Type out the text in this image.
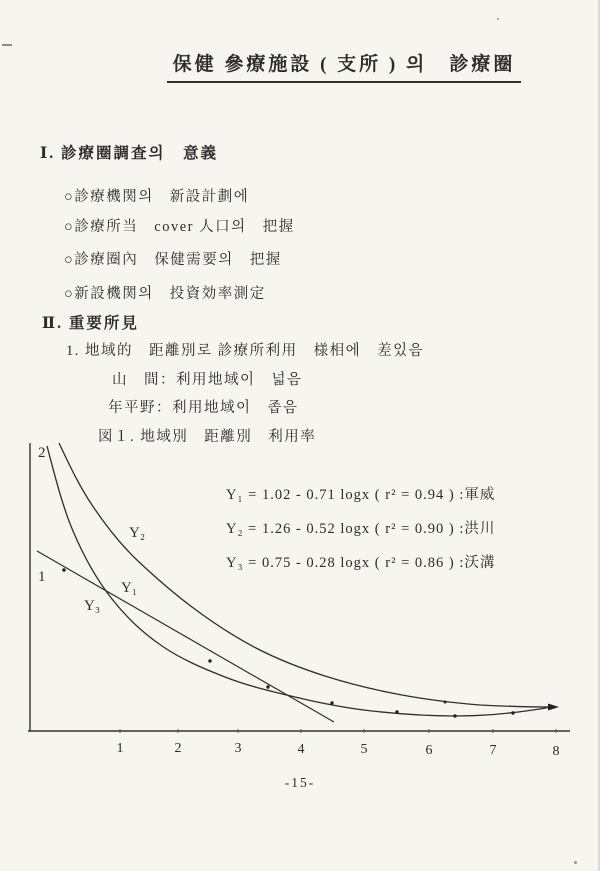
2
1
Y₂
Y₁
Y₃
1	2	3	4	5	6	7	8

保健 參療施設 ( 支所 ) 의　診療圈

Ⅰ. 診療圈調査의　意義
○診療機関의　新設計劃에
○診療所当　cover 人口의　把握
○診療圈內　保健需要의　把握
○新設機関의　投資効率測定
Ⅱ. 重要所見
1. 地域的　距離別로 診療所利用　様相에　差있음
山　間：利用地域이　넓음
年平野：利用地域이　좁음
図１. 地域別　距離別　利用率
Y₁ = 1.02 - 0.71 logx ( r² = 0.94 ) :軍威
Y₂ = 1.26 - 0.52 logx ( r² = 0.90 ) :洪川
Y₃ = 0.75 - 0.28 logx ( r² = 0.86 ) :沃溝
-15-
